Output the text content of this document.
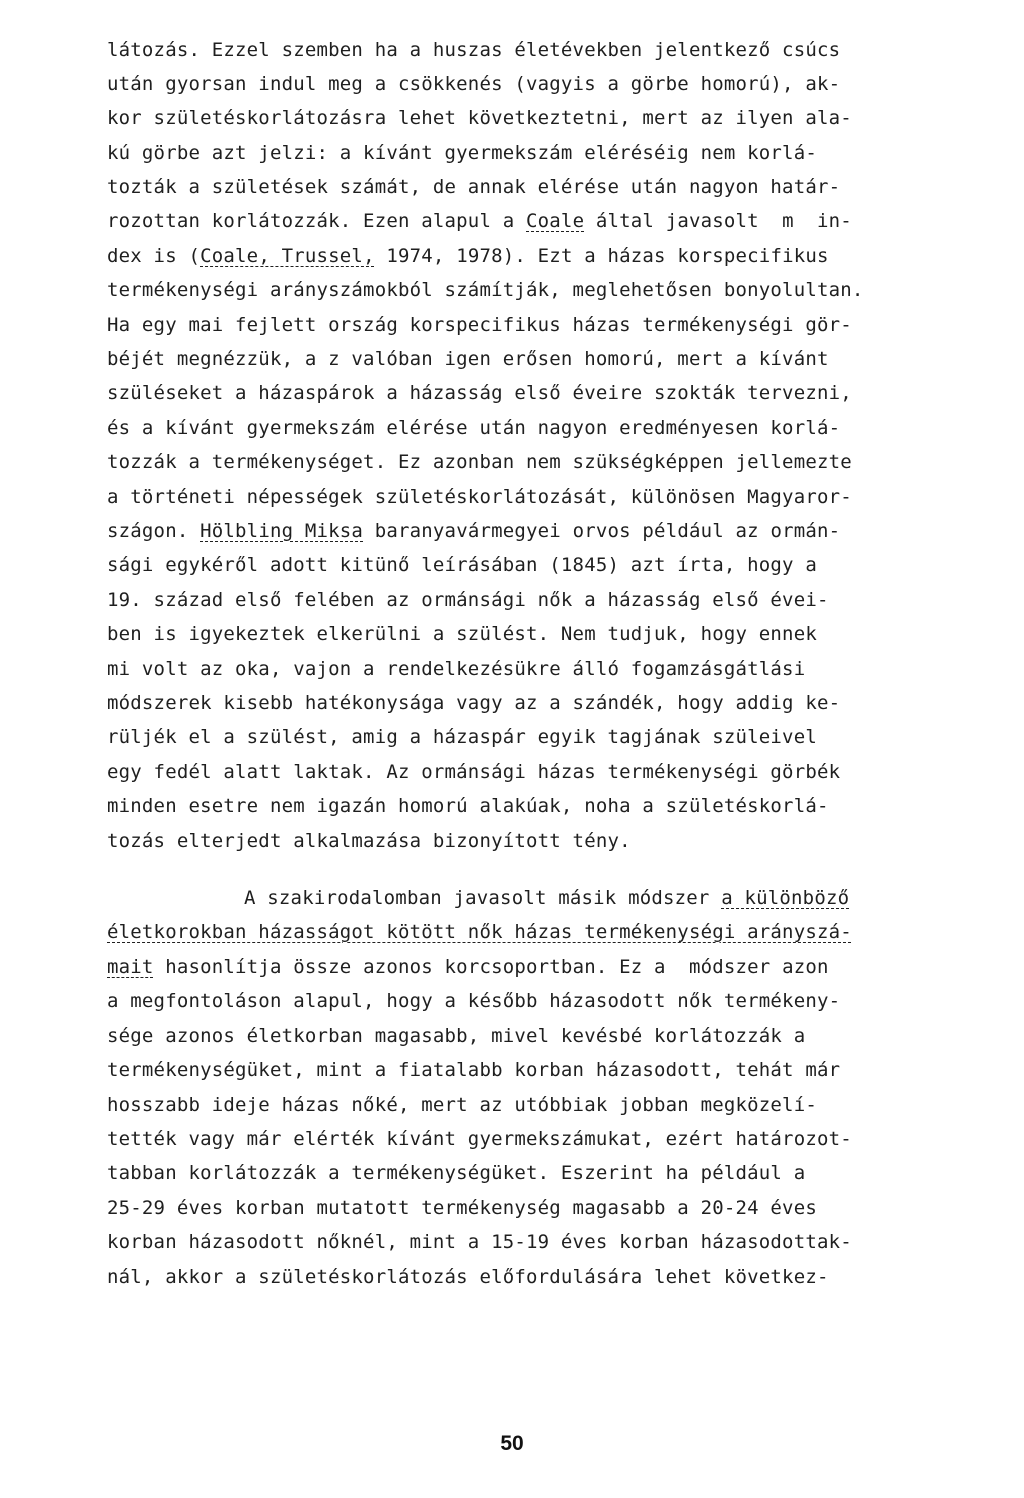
látozás. Ezzel szemben ha a huszas életévekben jelentkező csúcs
után gyorsan indul meg a csökkenés (vagyis a görbe homorú), ak-
kor születéskorlátozásra lehet következtetni, mert az ilyen ala-
kú görbe azt jelzi: a kívánt gyermekszám eléréséig nem korlá-
tozták a születések számát, de annak elérése után nagyon határ-
rozottan korlátozzák. Ezen alapul a Coale által javasolt  m  in-
dex is (Coale, Trussel, 1974, 1978). Ezt a házas korspecifikus
termékenységi arányszámokból számítják, meglehetősen bonyolultan.
Ha egy mai fejlett ország korspecifikus házas termékenységi gör-
béjét megnézzük, a z valóban igen erősen homorú, mert a kívánt
szüléseket a házaspárok a házasság első éveire szokták tervezni,
és a kívánt gyermekszám elérése után nagyon eredményesen korlá-
tozzák a termékenységet. Ez azonban nem szükségképpen jellemezte
a történeti népességek születéskorlátozását, különösen Magyaror-
szágon. Hölbling Miksa baranyavármegyei orvos például az ormán-
sági egykéről adott kitünő leírásában (1845) azt írta, hogy a
19. század első felében az ormánsági nők a házasság első évei-
ben is igyekeztek elkerülni a szülést. Nem tudjuk, hogy ennek
mi volt az oka, vajon a rendelkezésükre álló fogamzásgátlási
módszerek kisebb hatékonysága vagy az a szándék, hogy addig ke-
rüljék el a szülést, amig a házaspár egyik tagjának szüleivel
egy fedél alatt laktak. Az ormánsági házas termékenységi görbék
minden esetre nem igazán homorú alakúak, noha a születéskorlá-
tozás elterjedt alkalmazása bizonyított tény.
A szakirodalomban javasolt másik módszer a különböző
életkorokban házasságot kötött nők házas termékenységi arányszá-
mait hasonlítja össze azonos korcsoportban. Ez a  módszer azon
a megfontoláson alapul, hogy a később házasodott nők termékeny-
sége azonos életkorban magasabb, mivel kevésbé korlátozzák a
termékenységüket, mint a fiatalabb korban házasodott, tehát már
hosszabb ideje házas nőké, mert az utóbbiak jobban megközelí-
tették vagy már elérték kívánt gyermekszámukat, ezért határozot-
tabban korlátozzák a termékenységüket. Eszerint ha például a
25-29 éves korban mutatott termékenység magasabb a 20-24 éves
korban házasodott nőknél, mint a 15-19 éves korban házasodottak-
nál, akkor a születéskorlátozás előfordulására lehet következ-
50
